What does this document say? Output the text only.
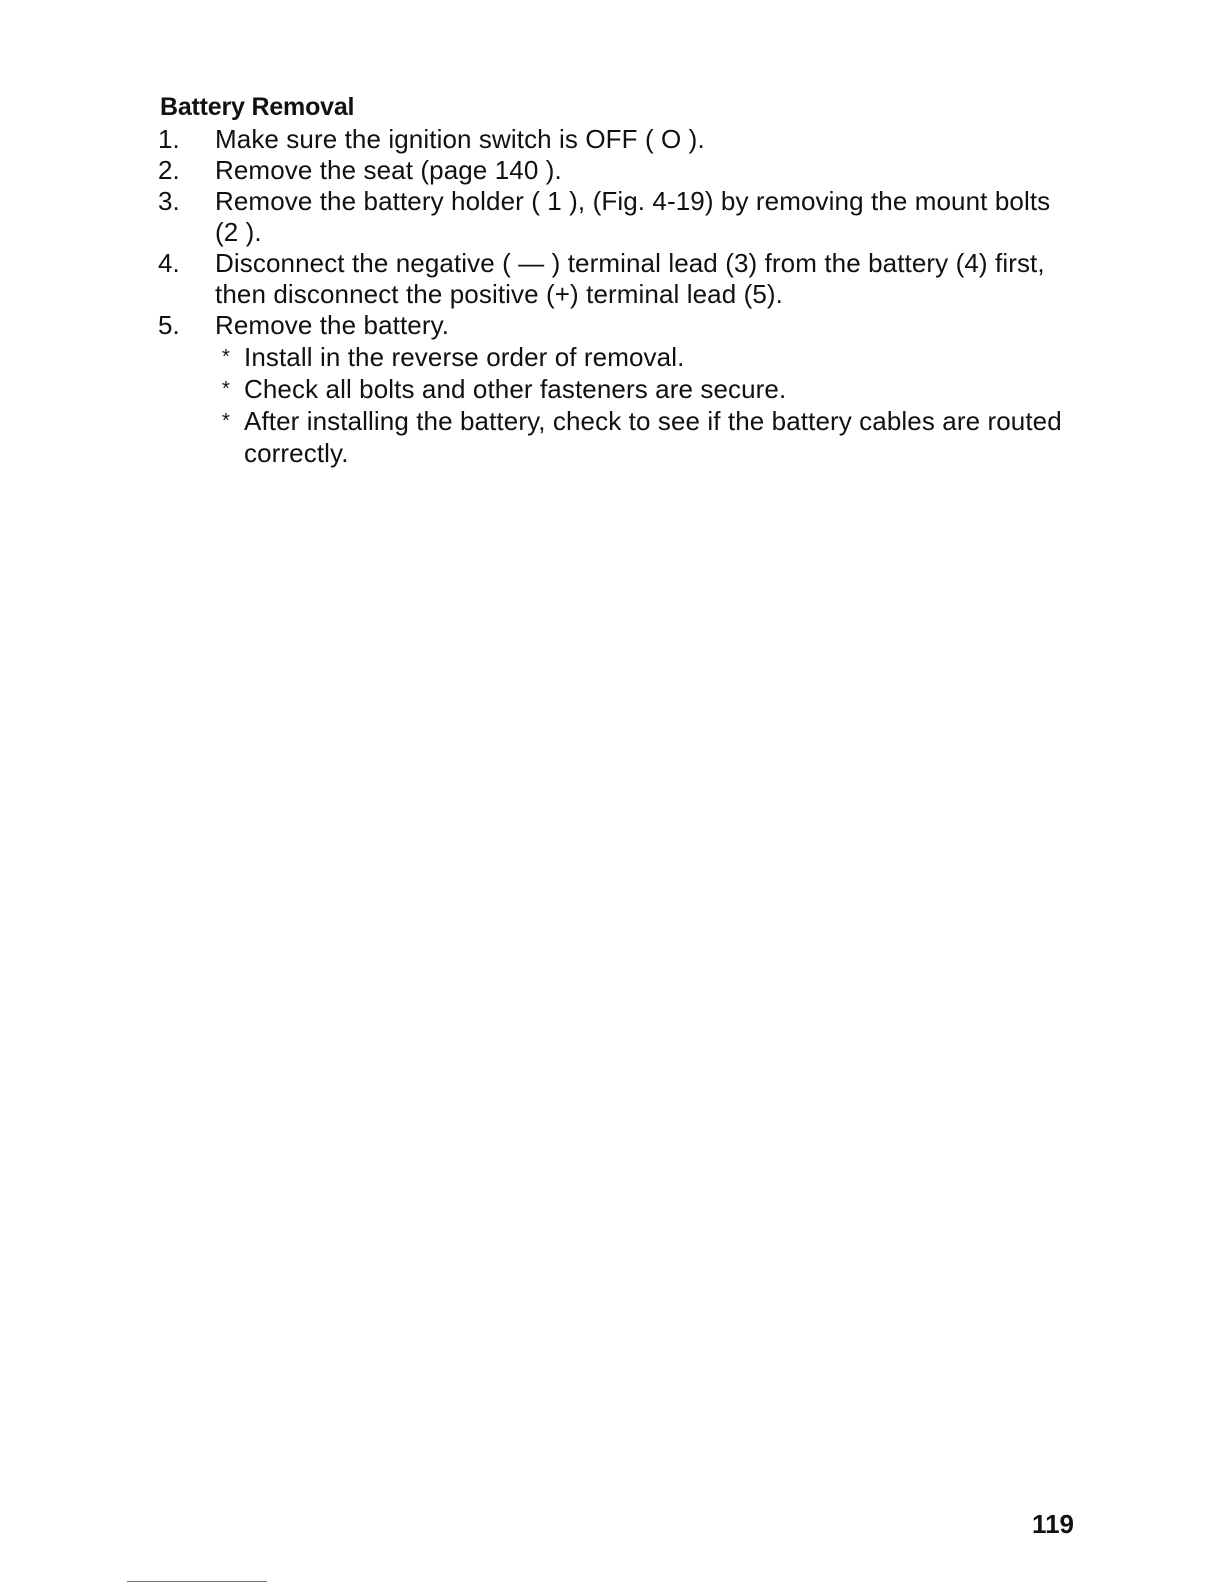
Battery Removal
1. Make sure the ignition switch is OFF ( O ).
2. Remove the seat (page 140 ).
3. Remove the battery holder ( 1 ), (Fig. 4-19) by removing the mount bolts (2 ).
4. Disconnect the negative ( — ) terminal lead (3) from the battery (4) first, then disconnect the positive (+) terminal lead (5).
5. Remove the battery.
* Install in the reverse order of removal.
* Check all bolts and other fasteners are secure.
* After installing the battery, check to see if the battery cables are routed correctly.
119
